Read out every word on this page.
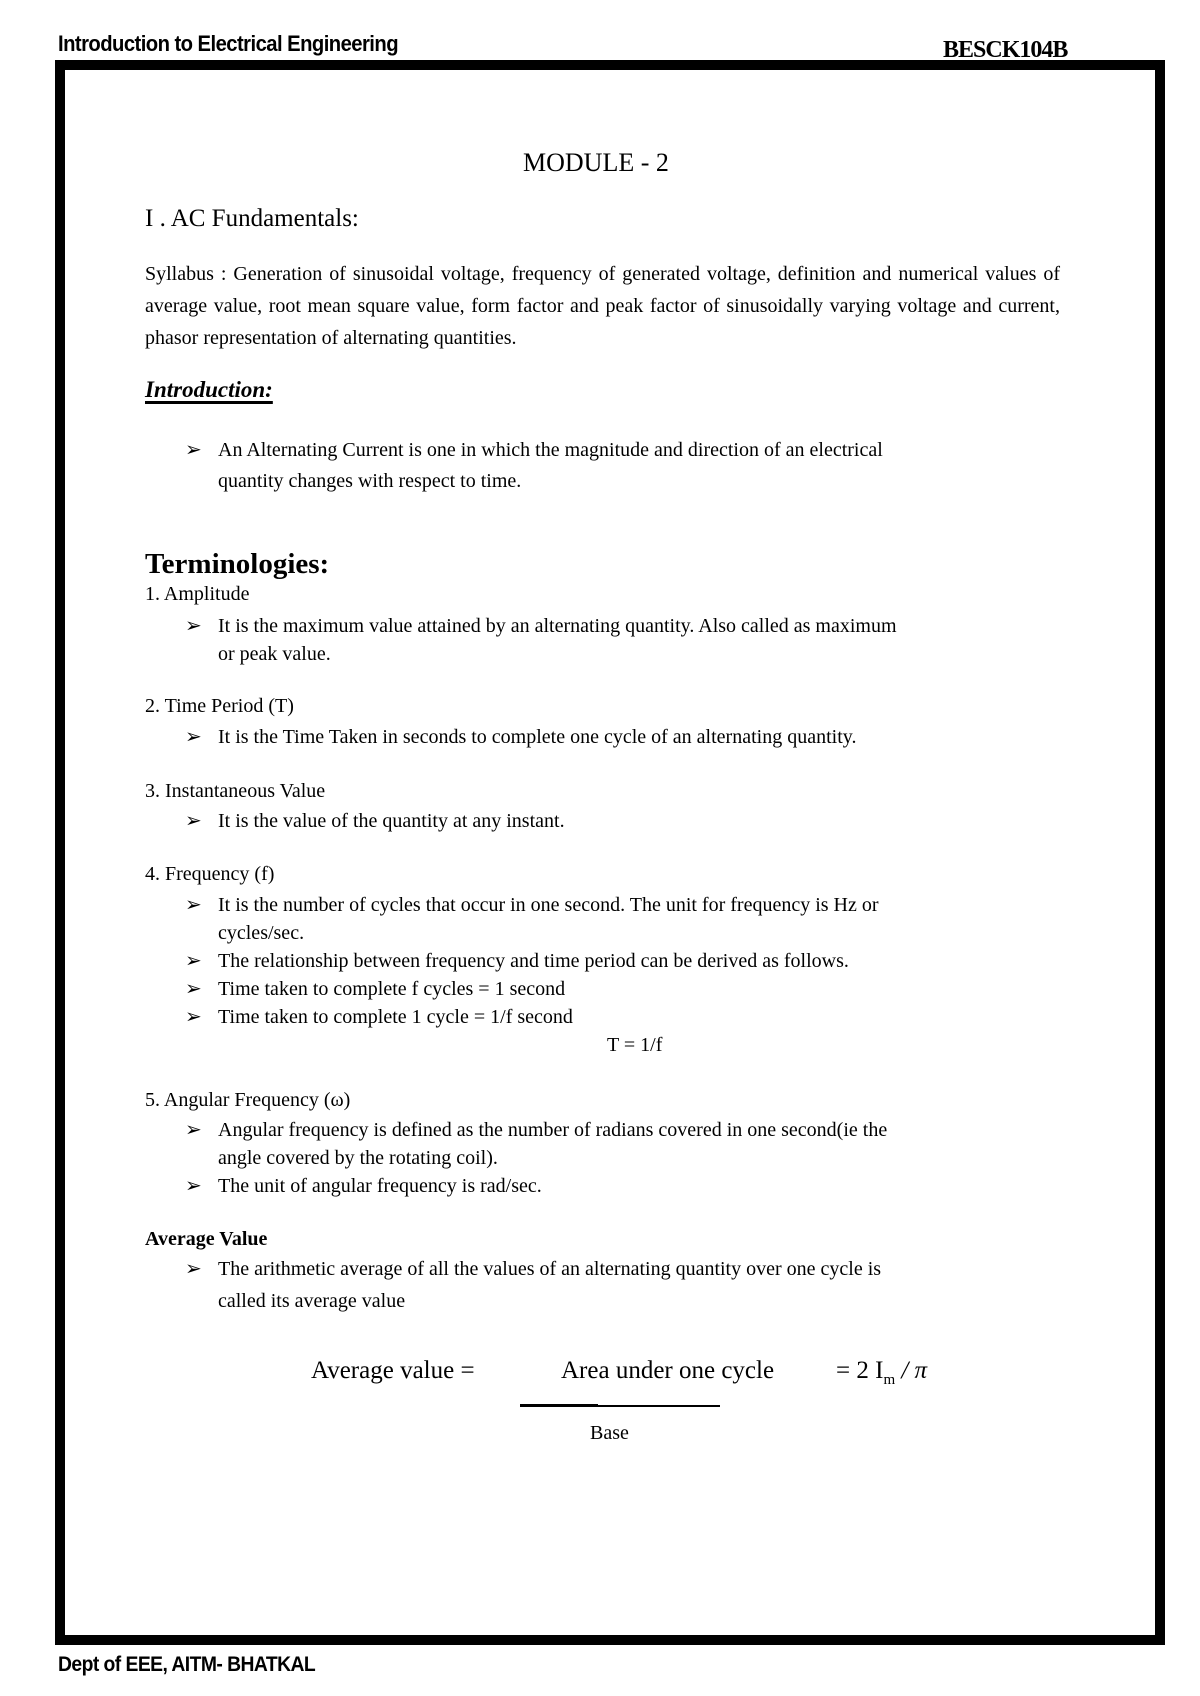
Introduction to Electrical Engineering	BESCK104B
MODULE - 2
I . AC Fundamentals:
Syllabus : Generation of sinusoidal voltage, frequency of generated voltage, definition and numerical values of average value, root mean square value, form factor and peak factor of sinusoidally varying voltage and current, phasor representation of alternating quantities.
Introduction:
➢ An Alternating Current is one in which the magnitude and direction of an electrical
quantity changes with respect to time.
Terminologies:
1. Amplitude
➢ It is the maximum value attained by an alternating quantity. Also called as maximum
or peak value.
2. Time Period (T)
➢ It is the Time Taken in seconds to complete one cycle of an alternating quantity.
3. Instantaneous Value
➢ It is the value of the quantity at any instant.
4. Frequency (f)
➢ It is the number of cycles that occur in one second. The unit for frequency is Hz or
cycles/sec.
➢ The relationship between frequency and time period can be derived as follows.
➢ Time taken to complete f cycles = 1 second
➢ Time taken to complete 1 cycle = 1/f second
T = 1/f
5. Angular Frequency (ω)
➢ Angular frequency is defined as the number of radians covered in one second(ie the
angle covered by the rotating coil).
➢ The unit of angular frequency is rad/sec.
Average Value
➢ The arithmetic average of all the values of an alternating quantity over one cycle is
called its average value
Average value =	Area under one cycle = 2 $I_m$ / π
Base
Dept of EEE, AITM- BHATKAL
